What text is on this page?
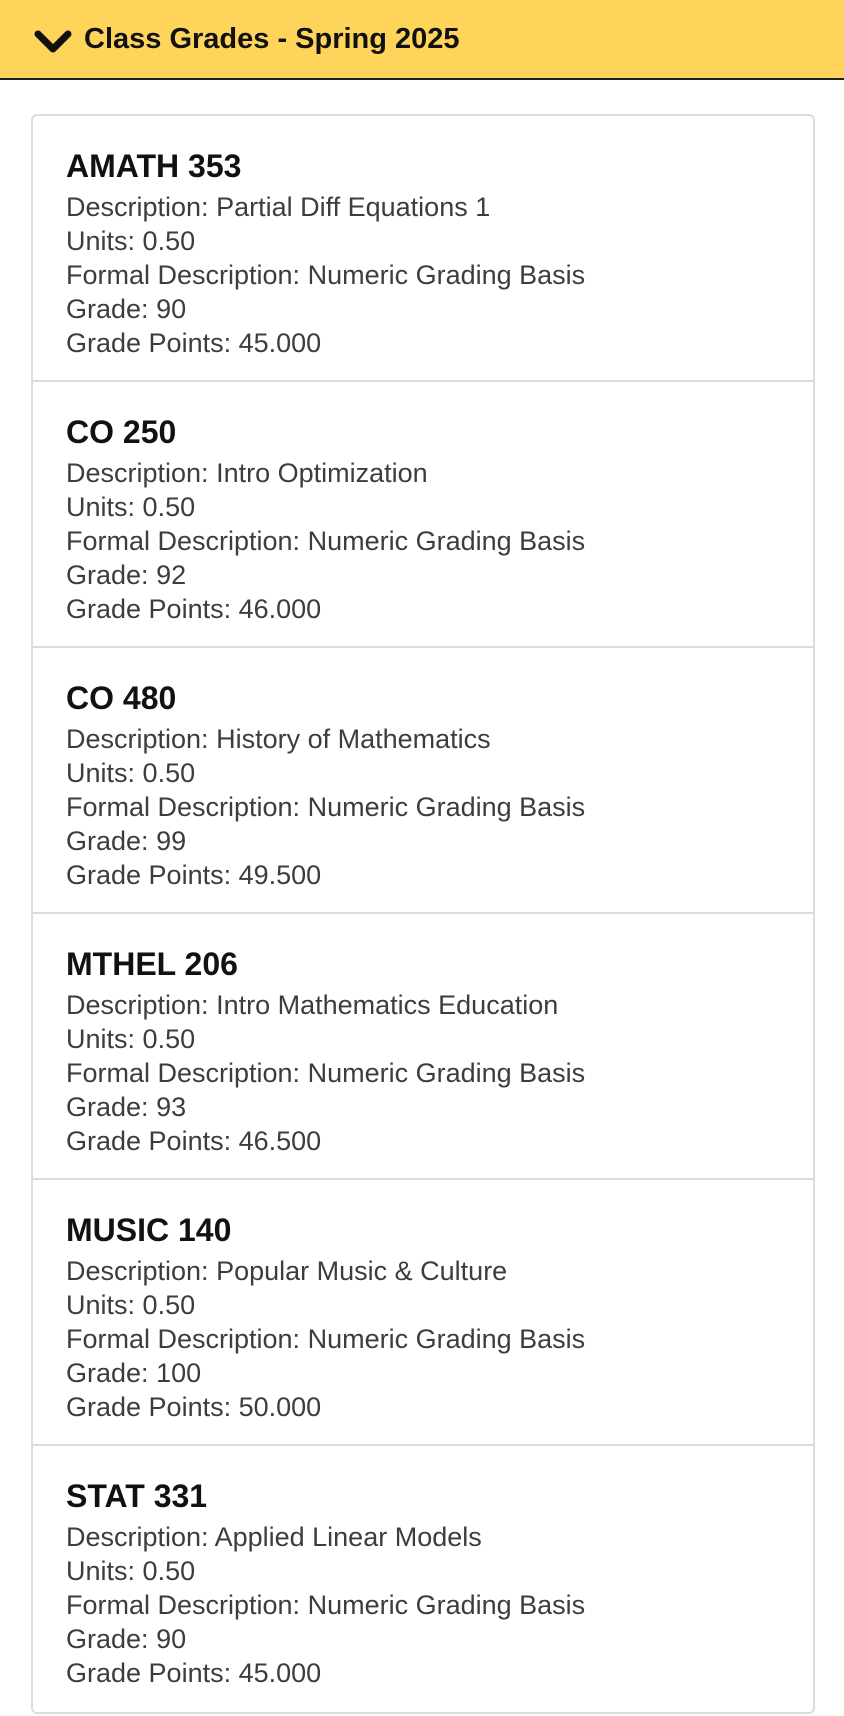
Class Grades - Spring 2025
AMATH 353
Description: Partial Diff Equations 1
Units: 0.50
Formal Description: Numeric Grading Basis
Grade: 90
Grade Points: 45.000
CO 250
Description: Intro Optimization
Units: 0.50
Formal Description: Numeric Grading Basis
Grade: 92
Grade Points: 46.000
CO 480
Description: History of Mathematics
Units: 0.50
Formal Description: Numeric Grading Basis
Grade: 99
Grade Points: 49.500
MTHEL 206
Description: Intro Mathematics Education
Units: 0.50
Formal Description: Numeric Grading Basis
Grade: 93
Grade Points: 46.500
MUSIC 140
Description: Popular Music & Culture
Units: 0.50
Formal Description: Numeric Grading Basis
Grade: 100
Grade Points: 50.000
STAT 331
Description: Applied Linear Models
Units: 0.50
Formal Description: Numeric Grading Basis
Grade: 90
Grade Points: 45.000
